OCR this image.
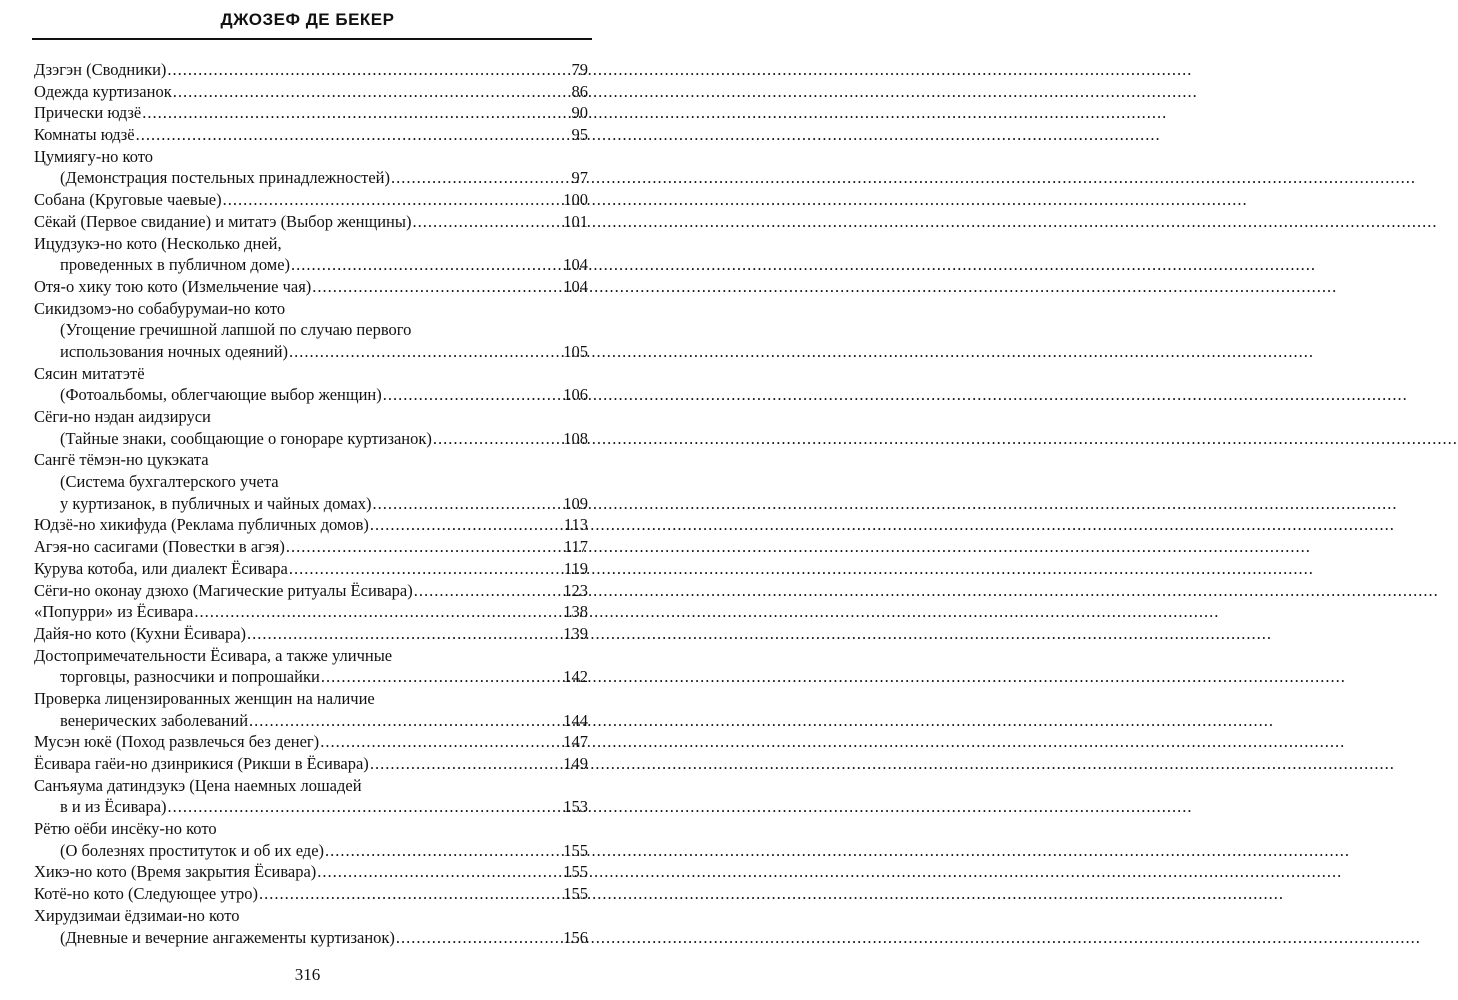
ДЖОЗЕФ ДЕ БЕКЕР
Дзэгэн (Сводники) .....	79
Одежда куртизанок .....	86
Прически юдзё .....	90
Комнаты юдзё .....	95
Цумиягу-но кото
(Демонстрация постельных принадлежностей) .....	97
Собана (Круговые чаевые) .....	100
Сёкай (Первое свидание) и митатэ (Выбор женщины) .....	101
Ицудзукэ-но кото (Несколько дней,
проведенных в публичном доме) .....	104
Отя-о хику тою кото (Измельчение чая) .....	104
Сикидзомэ-но собабурумаи-но кото
(Угощение гречишной лапшой по случаю первого
использования ночных одеяний) .....	105
Сясин митатэтё
(Фотоальбомы, облегчающие выбор женщин) .....	106
Сёги-но нэдан аидзируси
(Тайные знаки, сообщающие о гонораре куртизанок) .....	108
Сангё тёмэн-но цукэката
(Система бухгалтерского учета
у куртизанок, в публичных и чайных домах) .....	109
Юдзё-но хикифуда (Реклама публичных домов) .....	113
Агэя-но сасигами (Повестки в агэя) .....	117
Курува котоба, или диалект Ёсивара .....	119
Сёги-но оконау дзюхо (Магические ритуалы Ёсивара) .....	123
«Попурри» из Ёсивара .....	138
Дайя-но кото (Кухни Ёсивара) .....	139
Достопримечательности Ёсивара, а также уличные
торговцы, разносчики и попрошайки .....	142
Проверка лицензированных женщин на наличие
венерических заболеваний .....	144
Мусэн юкё (Поход развлечься без денег) .....	147
Ёсивара гаёи-но дзинрикися (Рикши в Ёсивара) .....	149
Санъяума датиндзукэ (Цена наемных лошадей
в и из Ёсивара) .....	153
Рётю оёби инсёку-но кото
(О болезнях проституток и об их еде) .....	155
Хикэ-но кото (Время закрытия Ёсивара) .....	155
Котё-но кото (Следующее утро) .....	155
Хирудзимаи ёдзимаи-но кото
(Дневные и вечерние ангажементы куртизанок) .....	156
316
